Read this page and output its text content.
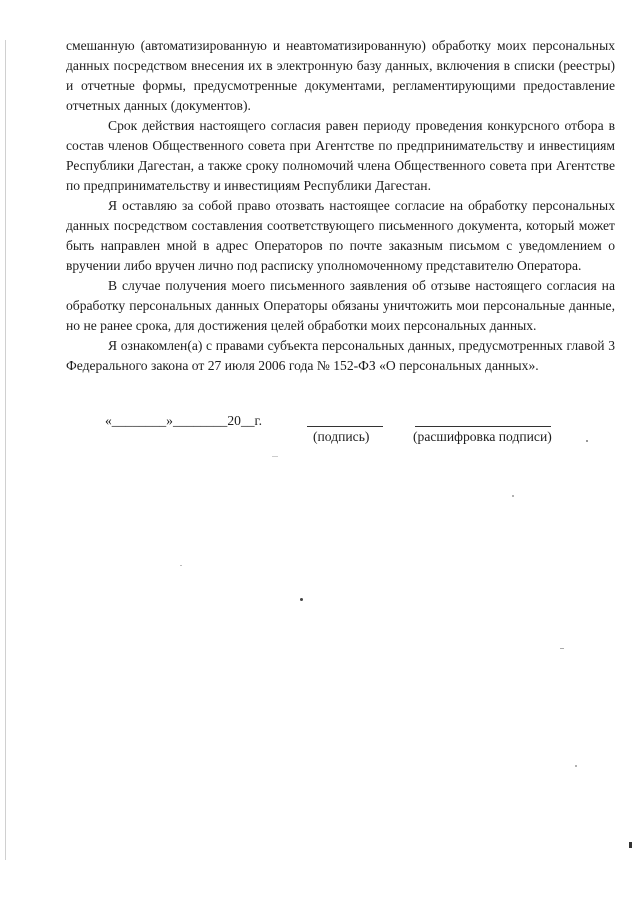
смешанную (автоматизированную и неавтоматизированную) обработку моих персональных данных посредством внесения их в электронную базу данных, включения в списки (реестры) и отчетные формы, предусмотренные документами, регламентирующими предоставление отчетных данных (документов).

Срок действия настоящего согласия равен периоду проведения конкурсного отбора в состав членов Общественного совета при Агентстве по предпринимательству и инвестициям Республики Дагестан, а также сроку полномочий члена Общественного совета при Агентстве по предпринимательству и инвестициям Республики Дагестан.

Я оставляю за собой право отозвать настоящее согласие на обработку персональных данных посредством составления соответствующего письменного документа, который может быть направлен мной в адрес Операторов по почте заказным письмом с уведомлением о вручении либо вручен лично под расписку уполномоченному представителю Оператора.

В случае получения моего письменного заявления об отзыве настоящего согласия на обработку персональных данных Операторы обязаны уничтожить мои персональные данные, но не ранее срока, для достижения целей обработки моих персональных данных.

Я ознакомлен(а) с правами субъекта персональных данных, предусмотренных главой 3 Федерального закона от 27 июля 2006 года № 152-ФЗ «О персональных данных».

«________»________20__г.
(подпись)	(расшифровка подписи)
